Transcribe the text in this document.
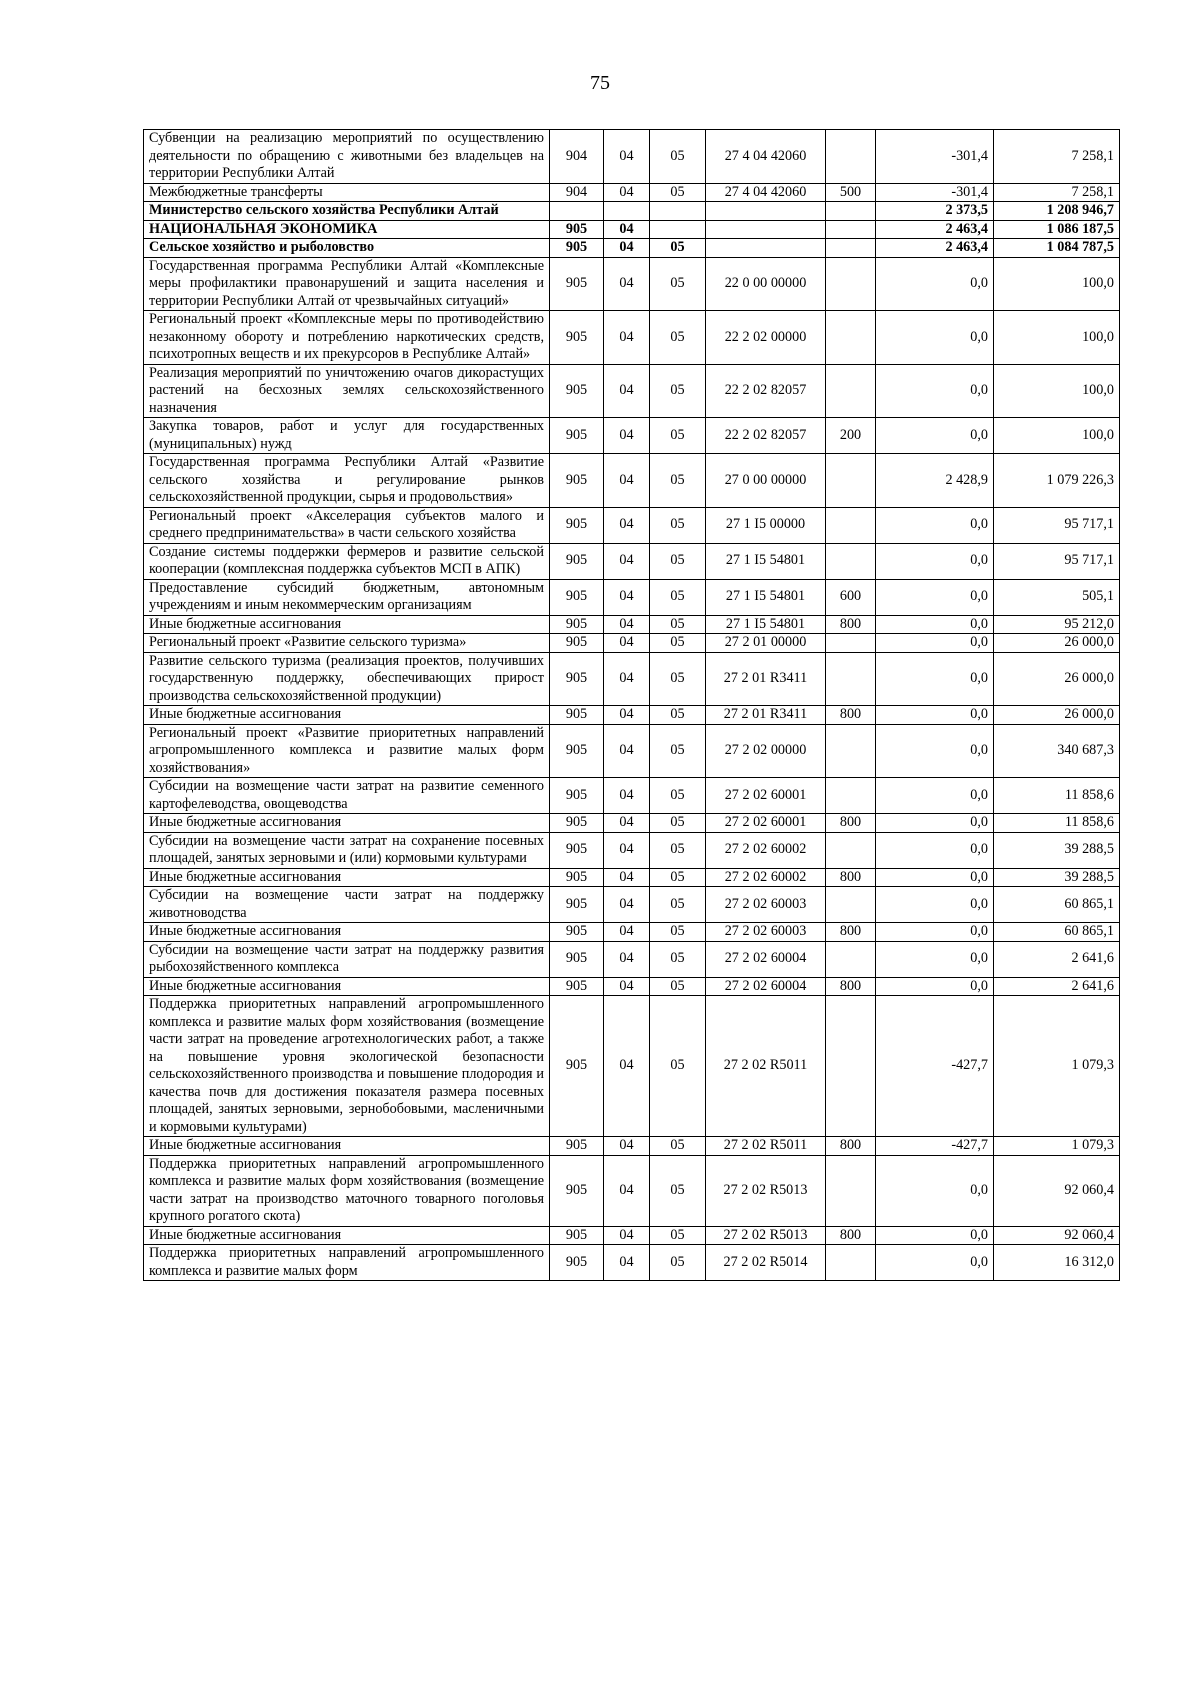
75
Субвенции на реализацию мероприятий по осуществлению деятельности по обращению с животными без владельцев на территории Республики Алтай	904	04	05	27 4 04 42060		-301,4	7 258,1
Межбюджетные трансферты	904	04	05	27 4 04 42060	500	-301,4	7 258,1
Министерство сельского хозяйства Республики Алтай						2 373,5	1 208 946,7
НАЦИОНАЛЬНАЯ ЭКОНОМИКА	905	04				2 463,4	1 086 187,5
Сельское хозяйство и рыболовство	905	04	05			2 463,4	1 084 787,5
Государственная программа Республики Алтай «Комплексные меры профилактики правонарушений и защита населения и территории Республики Алтай от чрезвычайных ситуаций»	905	04	05	22 0 00 00000		0,0	100,0
Региональный проект «Комплексные меры по противодействию незаконному обороту и потреблению наркотических средств, психотропных веществ и их прекурсоров в Республике Алтай»	905	04	05	22 2 02 00000		0,0	100,0
Реализация мероприятий по уничтожению очагов дикорастущих растений на бесхозных землях сельскохозяйственного назначения	905	04	05	22 2 02 82057		0,0	100,0
Закупка товаров, работ и услуг для государственных (муниципальных) нужд	905	04	05	22 2 02 82057	200	0,0	100,0
Государственная программа Республики Алтай «Развитие сельского хозяйства и регулирование рынков сельскохозяйственной продукции, сырья и продовольствия»	905	04	05	27 0 00 00000		2 428,9	1 079 226,3
Региональный проект «Акселерация субъектов малого и среднего предпринимательства» в части сельского хозяйства	905	04	05	27 1 I5 00000		0,0	95 717,1
Создание системы поддержки фермеров и развитие сельской кооперации (комплексная поддержка субъектов МСП в АПК)	905	04	05	27 1 I5 54801		0,0	95 717,1
Предоставление субсидий бюджетным, автономным учреждениям и иным некоммерческим организациям	905	04	05	27 1 I5 54801	600	0,0	505,1
Иные бюджетные ассигнования	905	04	05	27 1 I5 54801	800	0,0	95 212,0
Региональный проект «Развитие сельского туризма»	905	04	05	27 2 01 00000		0,0	26 000,0
Развитие сельского туризма (реализация проектов, получивших государственную поддержку, обеспечивающих прирост производства сельскохозяйственной продукции)	905	04	05	27 2 01 R3411		0,0	26 000,0
Иные бюджетные ассигнования	905	04	05	27 2 01 R3411	800	0,0	26 000,0
Региональный проект «Развитие приоритетных направлений агропромышленного комплекса и развитие малых форм хозяйствования»	905	04	05	27 2 02 00000		0,0	340 687,3
Субсидии на возмещение части затрат на развитие семенного картофелеводства, овощеводства	905	04	05	27 2 02 60001		0,0	11 858,6
Иные бюджетные ассигнования	905	04	05	27 2 02 60001	800	0,0	11 858,6
Субсидии на возмещение части затрат на сохранение посевных площадей, занятых зерновыми и (или) кормовыми культурами	905	04	05	27 2 02 60002		0,0	39 288,5
Иные бюджетные ассигнования	905	04	05	27 2 02 60002	800	0,0	39 288,5
Субсидии на возмещение части затрат на поддержку животноводства	905	04	05	27 2 02 60003		0,0	60 865,1
Иные бюджетные ассигнования	905	04	05	27 2 02 60003	800	0,0	60 865,1
Субсидии на возмещение части затрат на поддержку развития рыбохозяйственного комплекса	905	04	05	27 2 02 60004		0,0	2 641,6
Иные бюджетные ассигнования	905	04	05	27 2 02 60004	800	0,0	2 641,6
Поддержка приоритетных направлений агропромышленного комплекса и развитие малых форм хозяйствования (возмещение части затрат на проведение агротехнологических работ, а также на повышение уровня экологической безопасности сельскохозяйственного производства и повышение плодородия и качества почв для достижения показателя размера посевных площадей, занятых зерновыми, зернобобовыми, масленичными и кормовыми культурами)	905	04	05	27 2 02 R5011		-427,7	1 079,3
Иные бюджетные ассигнования	905	04	05	27 2 02 R5011	800	-427,7	1 079,3
Поддержка приоритетных направлений агропромышленного комплекса и развитие малых форм хозяйствования (возмещение части затрат на производство маточного товарного поголовья крупного рогатого скота)	905	04	05	27 2 02 R5013		0,0	92 060,4
Иные бюджетные ассигнования	905	04	05	27 2 02 R5013	800	0,0	92 060,4
Поддержка приоритетных направлений агропромышленного комплекса и развитие малых форм	905	04	05	27 2 02 R5014		0,0	16 312,0
